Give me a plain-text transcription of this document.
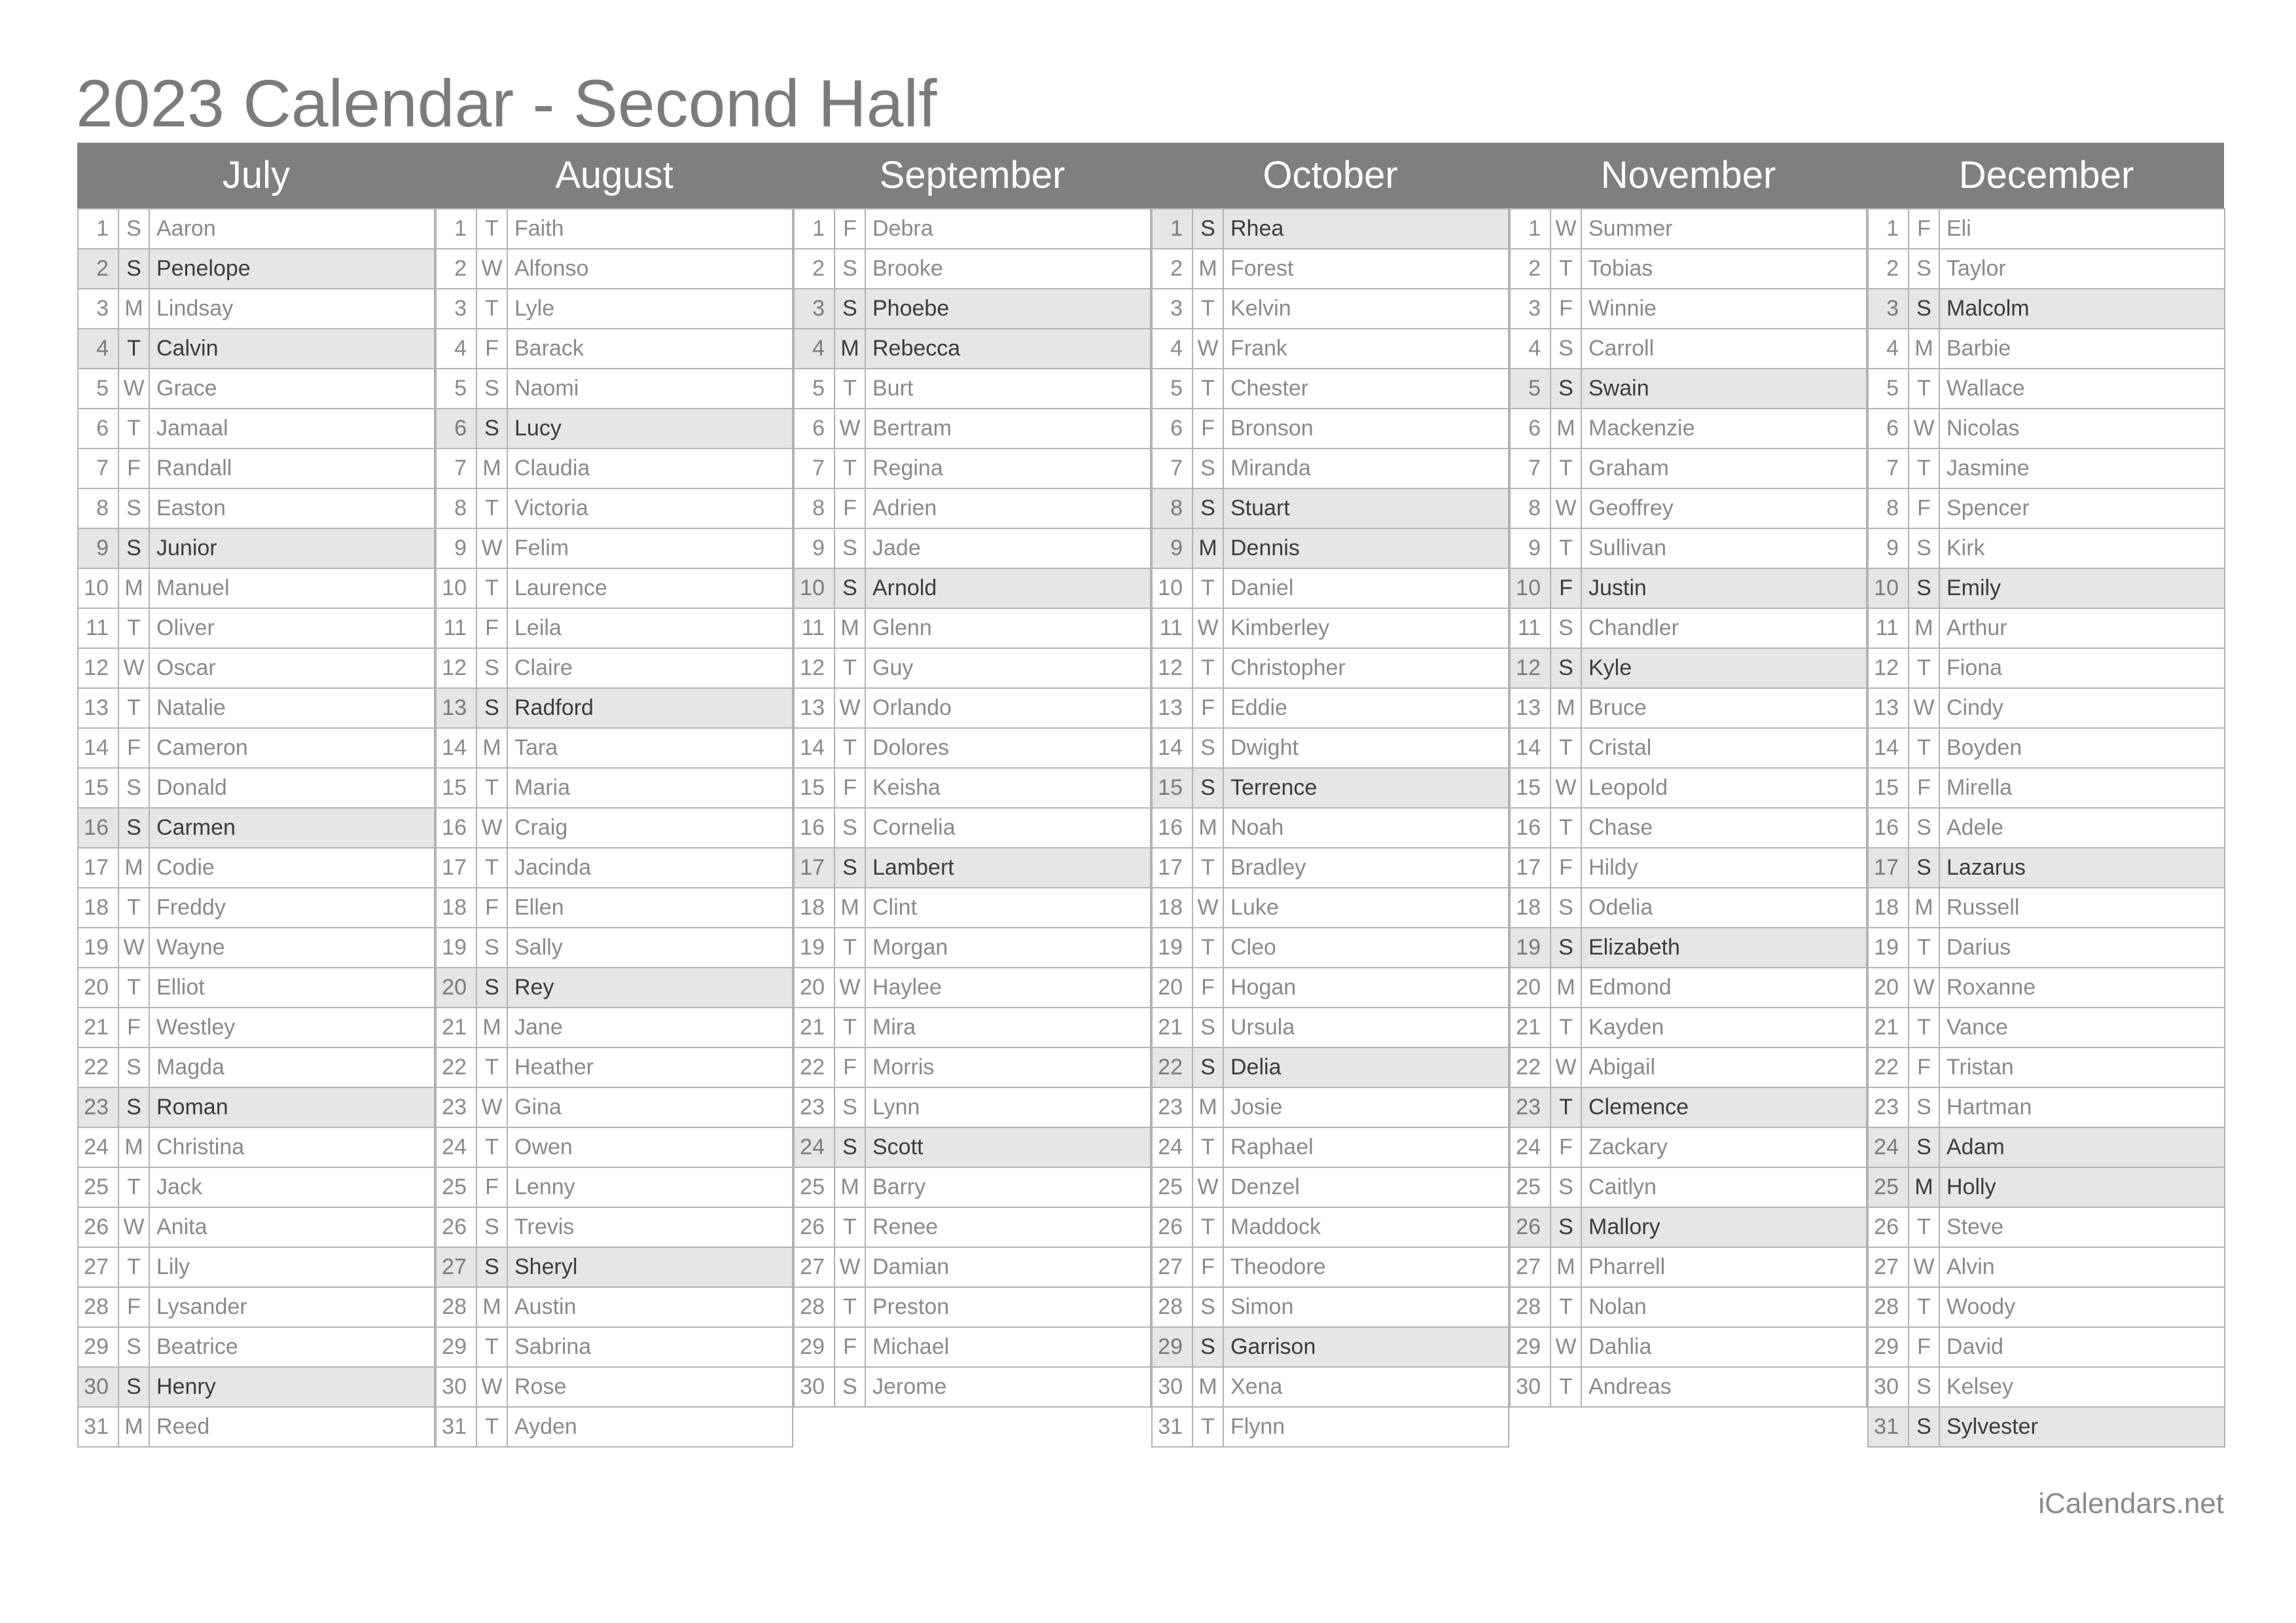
2023 Calendar - Second Half
July
1	S	Aaron
2	S	Penelope
3	M	Lindsay
4	T	Calvin
5	W	Grace
6	T	Jamaal
7	F	Randall
8	S	Easton
9	S	Junior
10	M	Manuel
11	T	Oliver
12	W	Oscar
13	T	Natalie
14	F	Cameron
15	S	Donald
16	S	Carmen
17	M	Codie
18	T	Freddy
19	W	Wayne
20	T	Elliot
21	F	Westley
22	S	Magda
23	S	Roman
24	M	Christina
25	T	Jack
26	W	Anita
27	T	Lily
28	F	Lysander
29	S	Beatrice
30	S	Henry
31	M	Reed
August
1	T	Faith
2	W	Alfonso
3	T	Lyle
4	F	Barack
5	S	Naomi
6	S	Lucy
7	M	Claudia
8	T	Victoria
9	W	Felim
10	T	Laurence
11	F	Leila
12	S	Claire
13	S	Radford
14	M	Tara
15	T	Maria
16	W	Craig
17	T	Jacinda
18	F	Ellen
19	S	Sally
20	S	Rey
21	M	Jane
22	T	Heather
23	W	Gina
24	T	Owen
25	F	Lenny
26	S	Trevis
27	S	Sheryl
28	M	Austin
29	T	Sabrina
30	W	Rose
31	T	Ayden
September
1	F	Debra
2	S	Brooke
3	S	Phoebe
4	M	Rebecca
5	T	Burt
6	W	Bertram
7	T	Regina
8	F	Adrien
9	S	Jade
10	S	Arnold
11	M	Glenn
12	T	Guy
13	W	Orlando
14	T	Dolores
15	F	Keisha
16	S	Cornelia
17	S	Lambert
18	M	Clint
19	T	Morgan
20	W	Haylee
21	T	Mira
22	F	Morris
23	S	Lynn
24	S	Scott
25	M	Barry
26	T	Renee
27	W	Damian
28	T	Preston
29	F	Michael
30	S	Jerome
October
1	S	Rhea
2	M	Forest
3	T	Kelvin
4	W	Frank
5	T	Chester
6	F	Bronson
7	S	Miranda
8	S	Stuart
9	M	Dennis
10	T	Daniel
11	W	Kimberley
12	T	Christopher
13	F	Eddie
14	S	Dwight
15	S	Terrence
16	M	Noah
17	T	Bradley
18	W	Luke
19	T	Cleo
20	F	Hogan
21	S	Ursula
22	S	Delia
23	M	Josie
24	T	Raphael
25	W	Denzel
26	T	Maddock
27	F	Theodore
28	S	Simon
29	S	Garrison
30	M	Xena
31	T	Flynn
November
1	W	Summer
2	T	Tobias
3	F	Winnie
4	S	Carroll
5	S	Swain
6	M	Mackenzie
7	T	Graham
8	W	Geoffrey
9	T	Sullivan
10	F	Justin
11	S	Chandler
12	S	Kyle
13	M	Bruce
14	T	Cristal
15	W	Leopold
16	T	Chase
17	F	Hildy
18	S	Odelia
19	S	Elizabeth
20	M	Edmond
21	T	Kayden
22	W	Abigail
23	T	Clemence
24	F	Zackary
25	S	Caitlyn
26	S	Mallory
27	M	Pharrell
28	T	Nolan
29	W	Dahlia
30	T	Andreas
December
1	F	Eli
2	S	Taylor
3	S	Malcolm
4	M	Barbie
5	T	Wallace
6	W	Nicolas
7	T	Jasmine
8	F	Spencer
9	S	Kirk
10	S	Emily
11	M	Arthur
12	T	Fiona
13	W	Cindy
14	T	Boyden
15	F	Mirella
16	S	Adele
17	S	Lazarus
18	M	Russell
19	T	Darius
20	W	Roxanne
21	T	Vance
22	F	Tristan
23	S	Hartman
24	S	Adam
25	M	Holly
26	T	Steve
27	W	Alvin
28	T	Woody
29	F	David
30	S	Kelsey
31	S	Sylvester
iCalendars.net
